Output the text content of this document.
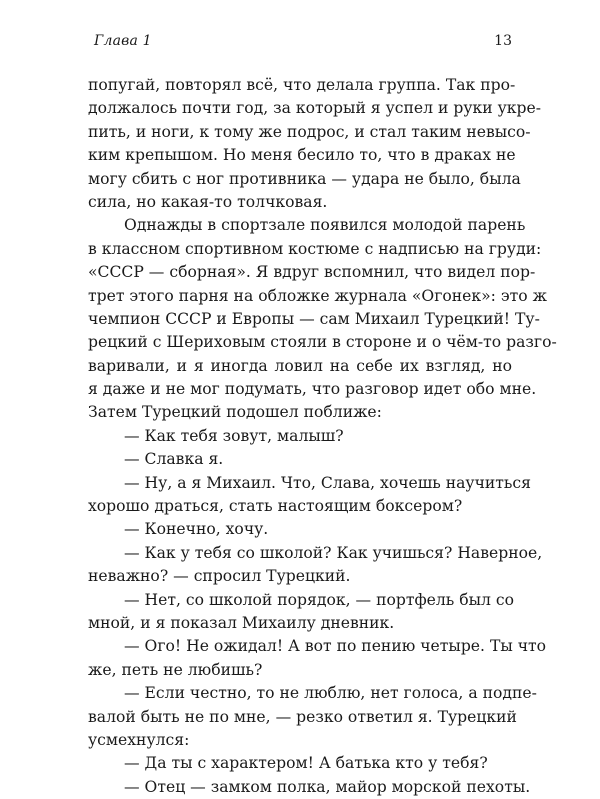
Глава 1	13
попугай, повторял всё, что делала группа. Так про-
должалось почти год, за который я успел и руки укре-
пить, и ноги, к тому же подрос, и стал таким невысо-
ким крепышом. Но меня бесило то, что в драках не
могу сбить с ног противника — удара не было, была
сила, но какая-то толчковая.
Однажды в спортзале появился молодой парень
в классном спортивном костюме с надписью на груди:
«СССР — сборная». Я вдруг вспомнил, что видел пор-
трет этого парня на обложке журнала «Огонек»: это ж
чемпион СССР и Европы — сам Михаил Турецкий! Ту-
рецкий с Шериховым стояли в стороне и о чём-то разго-
варивали, и я иногда ловил на себе их взгляд, но
я даже и не мог подумать, что разговор идет обо мне.
Затем Турецкий подошел поближе:
— Как тебя зовут, малыш?
— Славка я.
— Ну, а я Михаил. Что, Слава, хочешь научиться
хорошо драться, стать настоящим боксером?
— Конечно, хочу.
— Как у тебя со школой? Как учишься? Наверное,
неважно? — спросил Турецкий.
— Нет, со школой порядок, — портфель был со
мной, и я показал Михаилу дневник.
— Ого! Не ожидал! А вот по пению четыре. Ты что
же, петь не любишь?
— Если честно, то не люблю, нет голоса, а подпе-
валой быть не по мне, — резко ответил я. Турецкий
усмехнулся:
— Да ты с характером! А батька кто у тебя?
— Отец — замком полка, майор морской пехоты.
